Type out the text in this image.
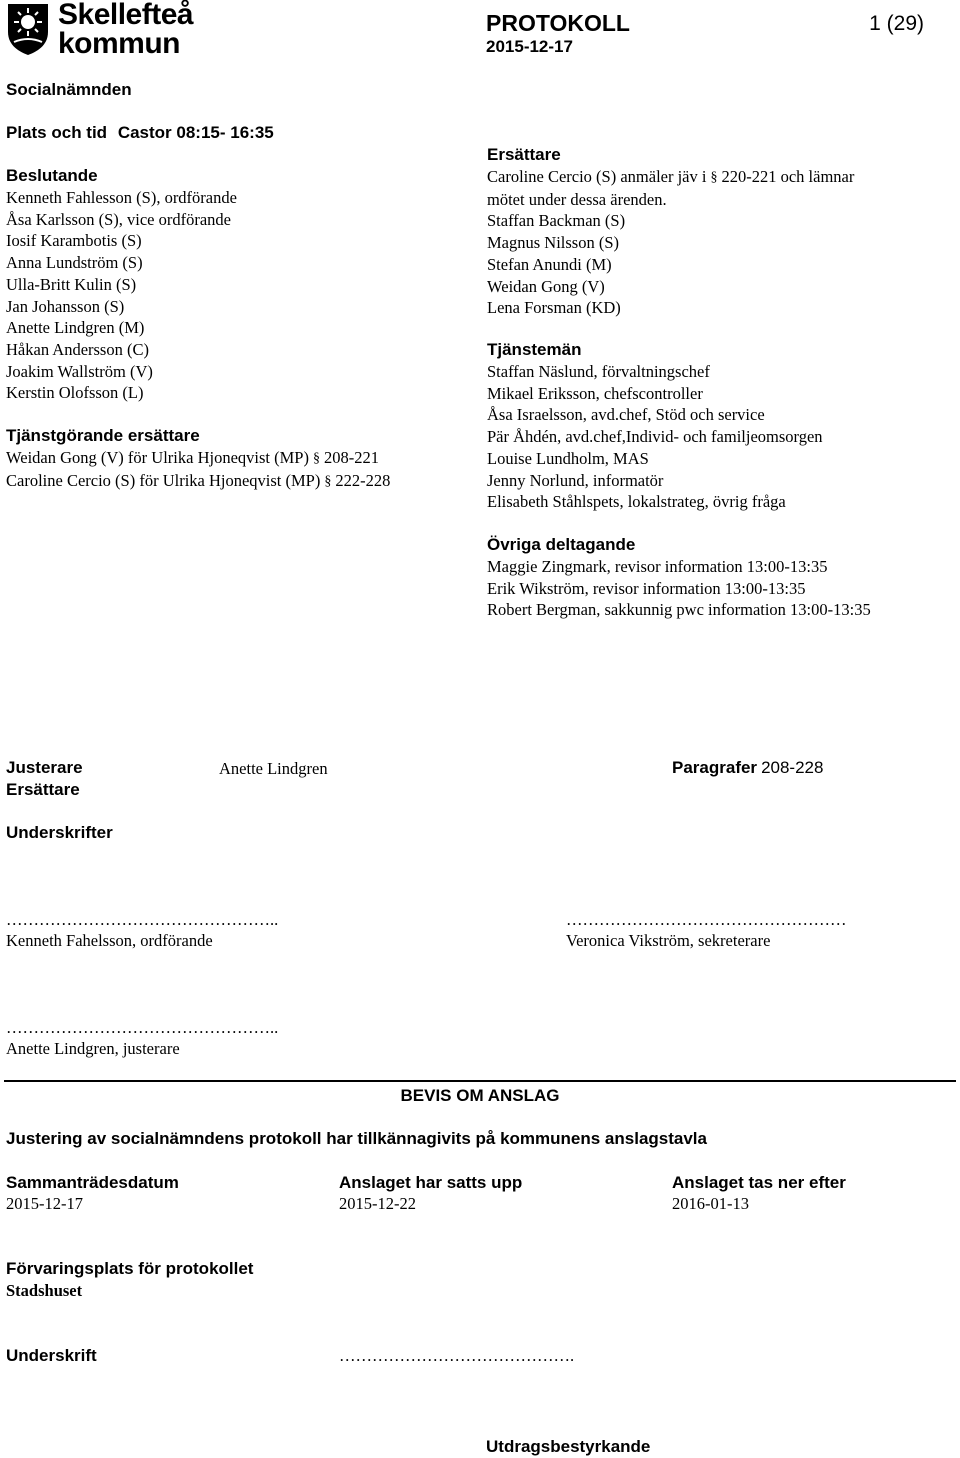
Skellefteå
kommun
PROTOKOLL
2015-12-17
1 (29)
Socialnämnden
Plats och tid Castor 08:15- 16:35
Beslutande
Kenneth Fahlesson (S), ordförande
Åsa Karlsson (S), vice ordförande
Iosif Karambotis (S)
Anna Lundström (S)
Ulla-Britt Kulin (S)
Jan Johansson (S)
Anette Lindgren (M)
Håkan Andersson (C)
Joakim Wallström (V)
Kerstin Olofsson (L)
Tjänstgörande ersättare
Weidan Gong (V) för Ulrika Hjoneqvist (MP) § 208-221
Caroline Cercio (S) för Ulrika Hjoneqvist (MP) § 222-228
Ersättare
Caroline Cercio (S) anmäler jäv i § 220-221 och lämnar
mötet under dessa ärenden.
Staffan Backman (S)
Magnus Nilsson (S)
Stefan Anundi (M)
Weidan Gong (V)
Lena Forsman (KD)
Tjänstemän
Staffan Näslund, förvaltningschef
Mikael Eriksson, chefscontroller
Åsa Israelsson, avd.chef, Stöd och service
Pär Åhdén, avd.chef,Individ- och familjeomsorgen
Louise Lundholm, MAS
Jenny Norlund, informatör
Elisabeth Ståhlspets, lokalstrateg, övrig fråga
Övriga deltagande
Maggie Zingmark, revisor information 13:00-13:35
Erik Wikström, revisor information 13:00-13:35
Robert Bergman, sakkunnig pwc information 13:00-13:35
Justerare	Anette Lindgren	Paragrafer 208-228
Ersättare
Underskrifter
…………………………………………..
Kenneth Fahelsson, ordförande
……………………………………………
Veronica Vikström, sekreterare
…………………………………………..
Anette Lindgren, justerare
BEVIS OM ANSLAG
Justering av socialnämndens protokoll har tillkännagivits på kommunens anslagstavla
Sammanträdesdatum
2015-12-17
Anslaget har satts upp
2015-12-22
Anslaget tas ner efter
2016-01-13
Förvaringsplats för protokollet
Stadshuset
Underskrift	…………………………………….
Utdragsbestyrkande
